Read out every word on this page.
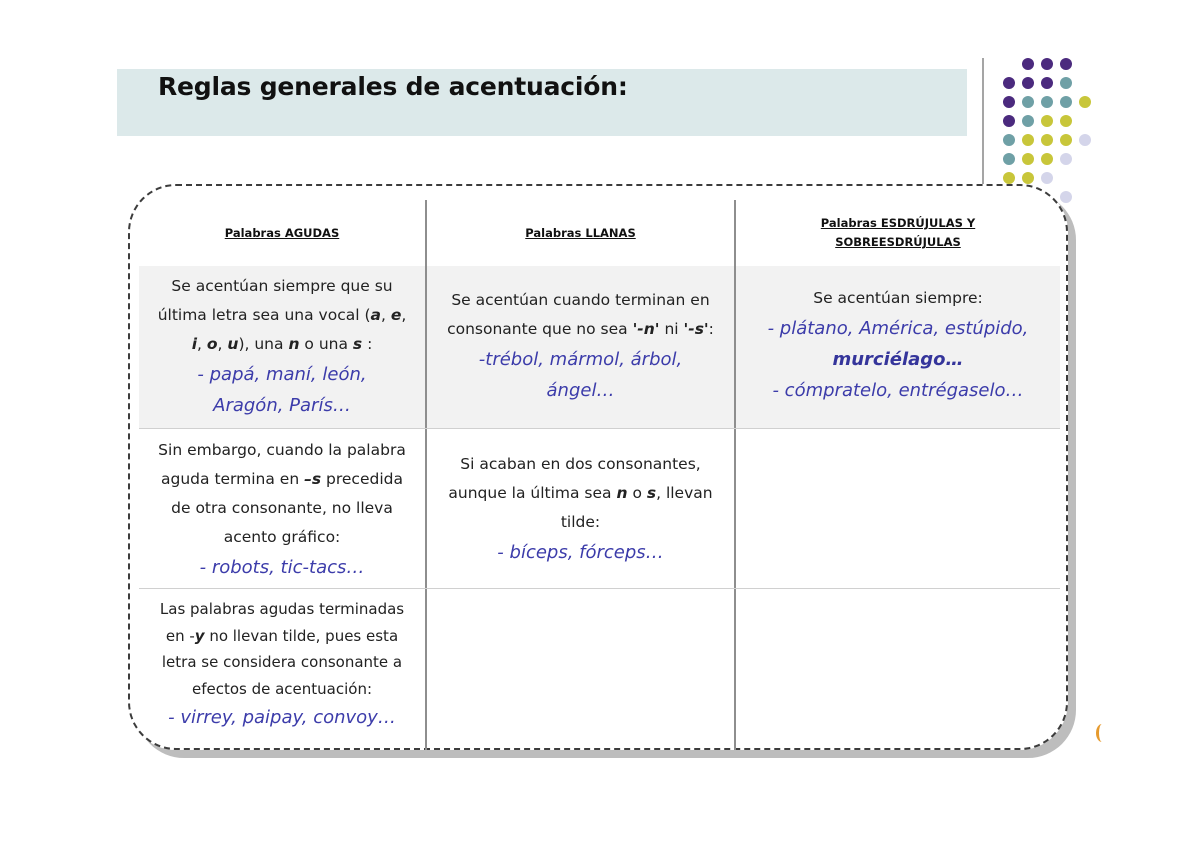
Reglas generales de acentuación:
Palabras AGUDAS	Palabras LLANAS
Palabras ESDRÚJULAS Y
SOBREESDRÚJULAS
Se acentúan siempre que su
última letra sea una vocal (a, e,
i, o, u), una n o una s :
- papá, maní, león,
Aragón, París…
Se acentúan cuando terminan en
consonante que no sea '-n' ni '-s':
-trébol, mármol, árbol,
ángel…
Se acentúan siempre:
- plátano, América, estúpido,
murciélago…
- cómpratelo, entrégaselo…
Sin embargo, cuando la palabra
aguda termina en –s precedida
de otra consonante, no lleva
acento gráfico:
- robots, tic-tacs…
Si acaban en dos consonantes,
aunque la última sea n o s, llevan
tilde:
- bíceps, fórceps…
Las palabras agudas terminadas
en -y no llevan tilde, pues esta
letra se considera consonante a
efectos de acentuación:
- virrey, paipay, convoy…
